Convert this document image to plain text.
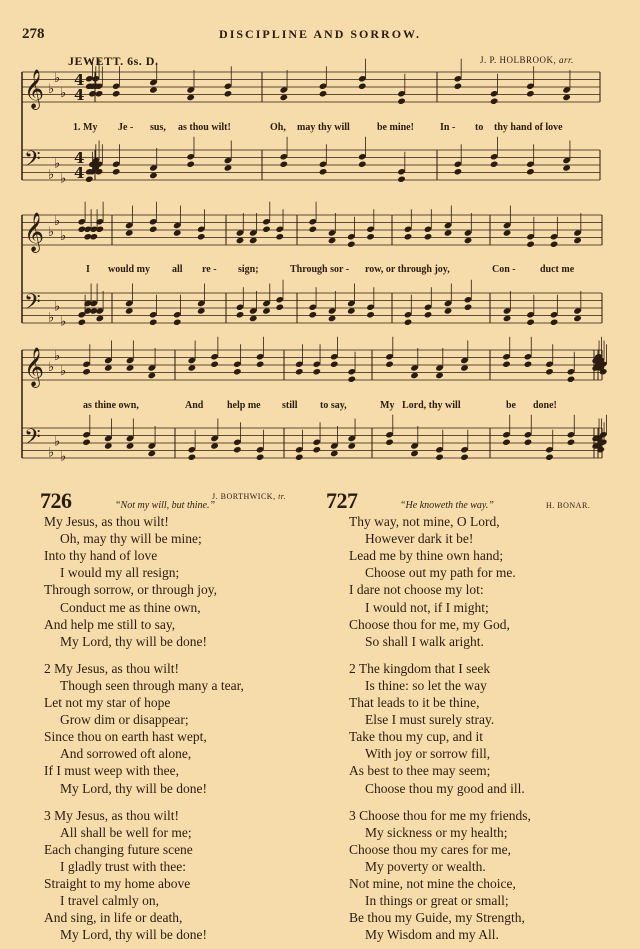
278	DISCIPLINE AND SORROW.
JEWETT. 6s. D.	J. P. HOLBROOK, arr.
𝄞 ♭
♭
♭
4
4
𝄢 ♭
♭
♭
4
4
𝄞 ♭
♭
♭
𝄢 ♭
♭
♭
𝄞 ♭
♭
♭
𝄢 ♭
♭
♭
1. My Je - sus, as thou wilt!	Oh, may thy will	be mine!	In - to thy hand of love
I would my all re - sign;	Through sor - row, or through joy,	Con - duct me
as thine own,	And help me still to say,	My Lord, thy will	be done!
726	“Not my will, but thine.”
J. BORTHWICK, tr.
My Jesus, as thou wilt!
Oh, may thy will be mine;
Into thy hand of love
I would my all resign;
Through sorrow, or through joy,
Conduct me as thine own,
And help me still to say,
My Lord, thy will be done!
2 My Jesus, as thou wilt!
Though seen through many a tear,
Let not my star of hope
Grow dim or disappear;
Since thou on earth hast wept,
And sorrowed oft alone,
If I must weep with thee,
My Lord, thy will be done!
3 My Jesus, as thou wilt!
All shall be well for me;
Each changing future scene
I gladly trust with thee:
Straight to my home above
I travel calmly on,
And sing, in life or death,
My Lord, thy will be done!
727	“He knoweth the way.”	H. BONAR.
Thy way, not mine, O Lord,
However dark it be!
Lead me by thine own hand;
Choose out my path for me.
I dare not choose my lot:
I would not, if I might;
Choose thou for me, my God,
So shall I walk aright.
2 The kingdom that I seek
Is thine: so let the way
That leads to it be thine,
Else I must surely stray.
Take thou my cup, and it
With joy or sorrow fill,
As best to thee may seem;
Choose thou my good and ill.
3 Choose thou for me my friends,
My sickness or my health;
Choose thou my cares for me,
My poverty or wealth.
Not mine, not mine the choice,
In things or great or small;
Be thou my Guide, my Strength,
My Wisdom and my All.
